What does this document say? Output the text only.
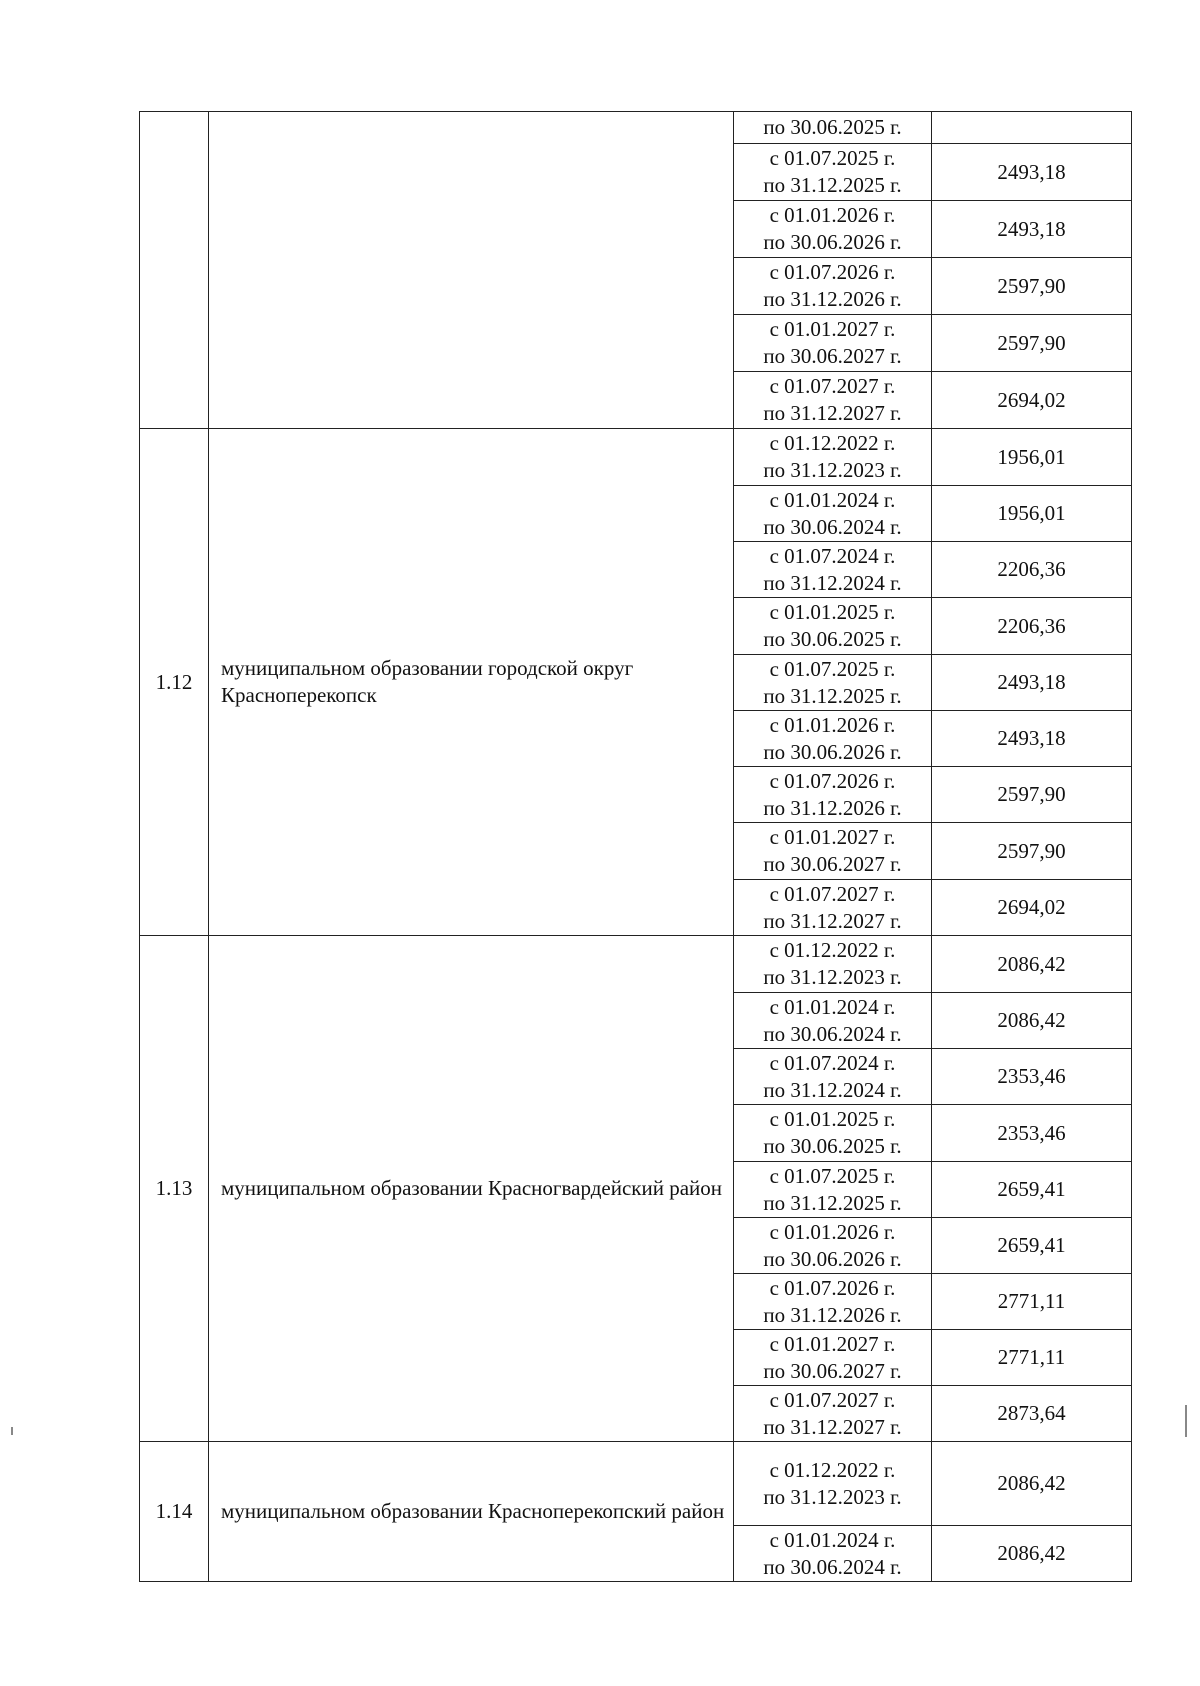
		по 30.06.2025 г.	
		с 01.07.2025 г.
по 31.12.2025 г.	2493,18
		с 01.01.2026 г.
по 30.06.2026 г.	2493,18
		с 01.07.2026 г.
по 31.12.2026 г.	2597,90
		с 01.01.2027 г.
по 30.06.2027 г.	2597,90
		с 01.07.2027 г.
по 31.12.2027 г.	2694,02
1.12	муниципальном образовании городской округ Красноперекопск	с 01.12.2022 г.
по 31.12.2023 г.	1956,01
		с 01.01.2024 г.
по 30.06.2024 г.	1956,01
		с 01.07.2024 г.
по 31.12.2024 г.	2206,36
		с 01.01.2025 г.
по 30.06.2025 г.	2206,36
		с 01.07.2025 г.
по 31.12.2025 г.	2493,18
		с 01.01.2026 г.
по 30.06.2026 г.	2493,18
		с 01.07.2026 г.
по 31.12.2026 г.	2597,90
		с 01.01.2027 г.
по 30.06.2027 г.	2597,90
		с 01.07.2027 г.
по 31.12.2027 г.	2694,02
1.13	муниципальном образовании Красногвардейский район	с 01.12.2022 г.
по 31.12.2023 г.	2086,42
		с 01.01.2024 г.
по 30.06.2024 г.	2086,42
		с 01.07.2024 г.
по 31.12.2024 г.	2353,46
		с 01.01.2025 г.
по 30.06.2025 г.	2353,46
		с 01.07.2025 г.
по 31.12.2025 г.	2659,41
		с 01.01.2026 г.
по 30.06.2026 г.	2659,41
		с 01.07.2026 г.
по 31.12.2026 г.	2771,11
		с 01.01.2027 г.
по 30.06.2027 г.	2771,11
		с 01.07.2027 г.
по 31.12.2027 г.	2873,64
1.14	муниципальном образовании Красноперекопский район	с 01.12.2022 г.
по 31.12.2023 г.	2086,42
		с 01.01.2024 г.
по 30.06.2024 г.	2086,42
